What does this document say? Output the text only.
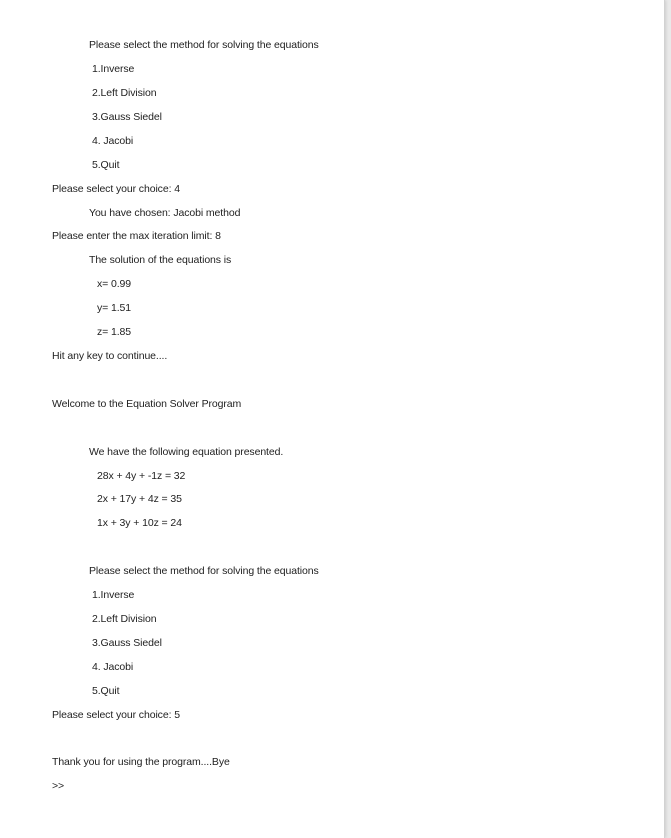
Please select the method for solving the equations
1.Inverse
2.Left Division
3.Gauss Siedel
4. Jacobi
5.Quit
Please select your choice: 4
You have chosen: Jacobi method
Please enter the max iteration limit: 8
The solution of the equations is
x= 0.99
y= 1.51
z= 1.85
Hit any key to continue....
Welcome to the Equation Solver Program
We have the following equation presented.
28x + 4y + -1z = 32
2x + 17y + 4z = 35
1x + 3y + 10z = 24
Please select the method for solving the equations
1.Inverse
2.Left Division
3.Gauss Siedel
4. Jacobi
5.Quit
Please select your choice: 5
Thank you for using the program....Bye
>>
